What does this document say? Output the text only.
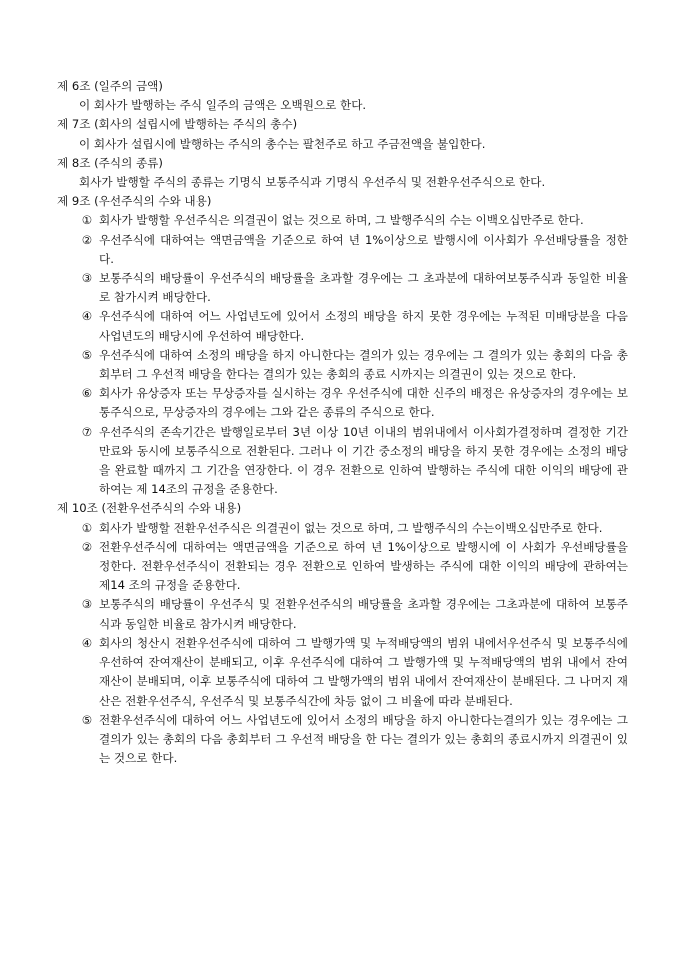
제 6조 (일주의 금액)
이 회사가 발행하는 주식 일주의 금액은 오백원으로 한다.
제 7조 (회사의 설립시에 발행하는 주식의 총수)
이 회사가 설립시에 발행하는 주식의 총수는 팔천주로 하고 주금전액을 불입한다.
제 8조 (주식의 종류)
회사가 발행할 주식의 종류는 기명식 보통주식과 기명식 우선주식 및 전환우선주식으로 한다.
제 9조 (우선주식의 수와 내용)
① 회사가 발행할 우선주식은 의결권이 없는 것으로 하며, 그 발행주식의 수는 이백오십만주로 한다.
② 우선주식에 대하여는 액면금액을 기준으로 하여 년 1%이상으로 발행시에 이사회가 우선배당률을 정한다.
③ 보통주식의 배당률이 우선주식의 배당률을 초과할 경우에는 그 초과분에 대하여보통주식과 동일한 비율로 참가시켜 배당한다.
④ 우선주식에 대하여 어느 사업년도에 있어서 소정의 배당을 하지 못한 경우에는 누적된 미배당분을 다음 사업년도의 배당시에 우선하여 배당한다.
⑤ 우선주식에 대하여 소정의 배당을 하지 아니한다는 결의가 있는 경우에는 그 결의가 있는 총회의 다음 총회부터 그 우선적 배당을 한다는 결의가 있는 총회의 종료 시까지는 의결권이 있는 것으로 한다.
⑥ 회사가 유상증자 또는 무상증자를 실시하는 경우 우선주식에 대한 신주의 배정은 유상증자의 경우에는 보통주식으로, 무상증자의 경우에는 그와 같은 종류의 주식으로 한다.
⑦ 우선주식의 존속기간은 발행일로부터 3년 이상 10년 이내의 범위내에서 이사회가결정하며 결정한 기간 만료와 동시에 보통주식으로 전환된다. 그러나 이 기간 중소정의 배당을 하지 못한 경우에는 소정의 배당을 완료할 때까지 그 기간을 연장한다. 이 경우 전환으로 인하여 발행하는 주식에 대한 이익의 배당에 관하여는 제 14조의 규정을 준용한다.
제 10조 (전환우선주식의 수와 내용)
① 회사가 발행할 전환우선주식은 의결권이 없는 것으로 하며, 그 발행주식의 수는이백오십만주로 한다.
② 전환우선주식에 대하여는 액면금액을 기준으로 하여 년 1%이상으로 발행시에 이 사회가 우선배당률을 정한다. 전환우선주식이 전환되는 경우 전환으로 인하여 발생하는 주식에 대한 이익의 배당에 관하여는 제14 조의 규정을 준용한다.
③ 보통주식의 배당률이 우선주식 및 전환우선주식의 배당률을 초과할 경우에는 그초과분에 대하여 보통주식과 동일한 비율로 참가시켜 배당한다.
④ 회사의 청산시 전환우선주식에 대하여 그 발행가액 및 누적배당액의 범위 내에서우선주식 및 보통주식에 우선하여 잔여재산이 분배되고, 이후 우선주식에 대하여 그 발행가액 및 누적배당액의 범위 내에서 잔여재산이 분배되며, 이후 보통주식에 대하여 그 발행가액의 범위 내에서 잔여재산이 분배된다. 그 나머지 재산은 전환우선주식, 우선주식 및 보통주식간에 차등 없이 그 비율에 따라 분배된다.
⑤ 전환우선주식에 대하여 어느 사업년도에 있어서 소정의 배당을 하지 아니한다는결의가 있는 경우에는 그 결의가 있는 총회의 다음 총회부터 그 우선적 배당을 한 다는 결의가 있는 총회의 종료시까지 의결권이 있는 것으로 한다.
